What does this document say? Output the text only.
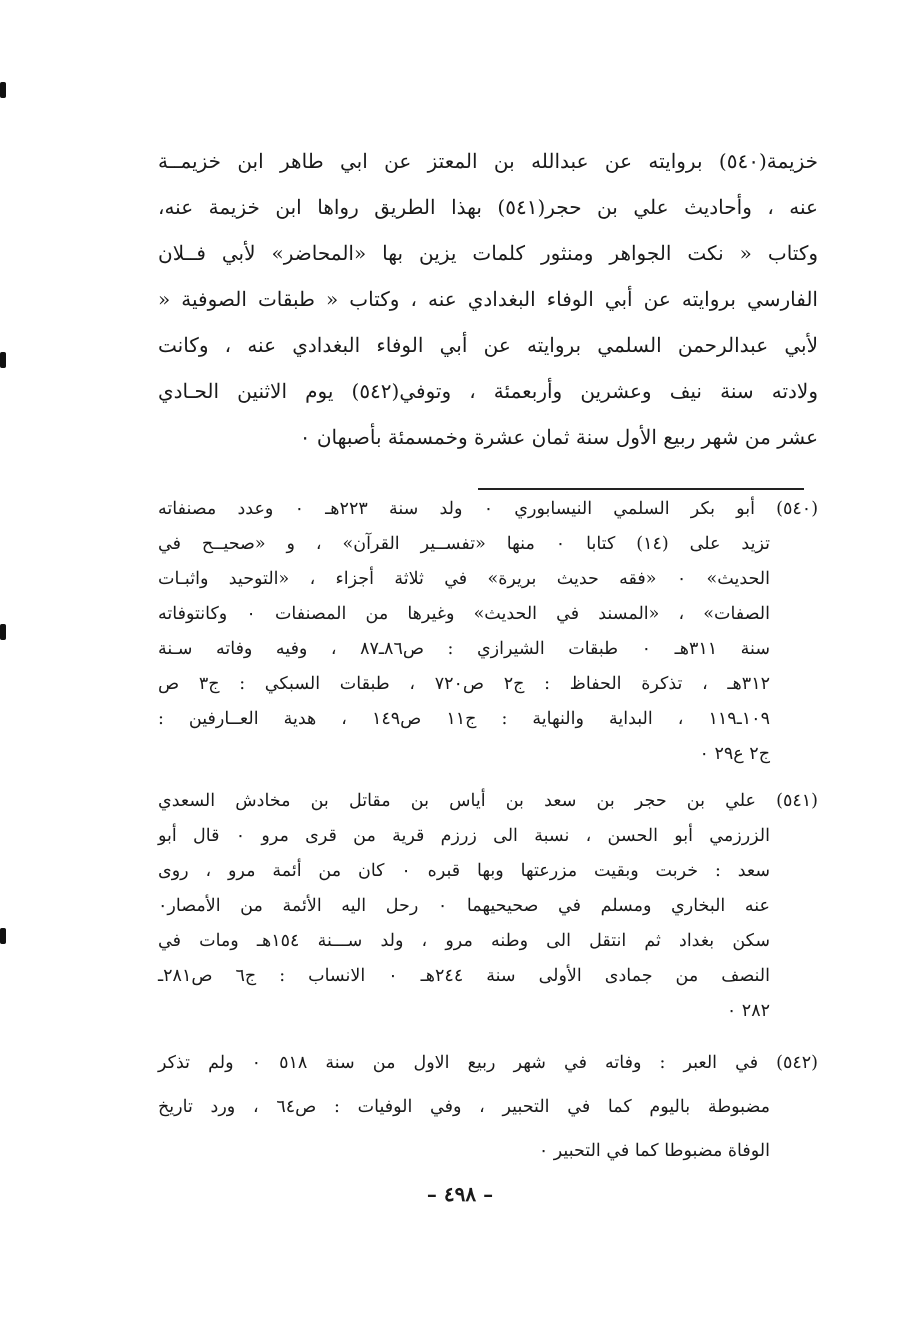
خزيمة(٥٤٠) بروايته عن عبدالله بن المعتز عن ابي طاهر ابن خزيمــة
عنه ، وأحاديث علي بن حجر(٥٤١) بهذا الطريق رواها ابن خزيمة عنه،
وكتاب « نكت الجواهر ومنثور كلمات يزين بها «المحاضر» لأبي فــلان
الفارسي بروايته عن أبي الوفاء البغدادي عنه ، وكتاب « طبقات الصوفية «
لأبي عبدالرحمن السلمي بروايته عن أبي الوفاء البغدادي عنه ، وكانت
ولادته سنة نيف وعشرين وأربعمئة ، وتوفي(٥٤٢) يوم الاثنين الحـادي
عشر من شهر ربيع الأول سنة ثمان عشرة وخمسمئة بأصبهان ٠
(٥٤٠) أبو بكر السلمي النيسابوري ٠ ولد سنة ٢٢٣هـ ٠ وعدد مصنفاته
تزيد على (١٤) كتابا ٠ منها «تفســير القرآن» ، و «صحيــح في
الحديث» ٠ «فقه حديث بريرة» في ثلاثة أجزاء ، «التوحيد واثبـات
الصفات» ، «المسند في الحديث» وغيرها من المصنفات ٠ وكانتوفاته
سنة ٣١١هـ ٠ طبقات الشيرازي : ص٨٦ـ٨٧ ، وفيه وفاته سـنة
٣١٢هـ ، تذكرة الحفاظ : ج٢ ص٧٢٠ ، طبقات السبكي : ج٣ ص
١٠٩ـ١١٩ ، البداية والنهاية : ج١١ ص١٤٩ ، هدية العــارفين :
ج٢ ع٢٩ ٠
(٥٤١) علي بن حجر بن سعد بن أياس بن مقاتل بن مخادش السعدي
الزرزمي أبو الحسن ، نسبة الى زرزم قرية من قرى مرو ٠ قال أبو
سعد : خربت وبقيت مزرعتها وبها قبره ٠ كان من أئمة مرو ، روى
عنه البخاري ومسلم في صحيحيهما ٠ رحل اليه الأئمة من الأمصار٠
سكن بغداد ثم انتقل الى وطنه مرو ، ولد ســـنة ١٥٤هـ ومات في
النصف من جمادى الأولى سنة ٢٤٤هـ ٠ الانساب : ج٦ ص٢٨١ـ
٢٨٢ ٠
(٥٤٢) في العبر : وفاته في شهر ربيع الاول من سنة ٥١٨ ٠ ولم تذكر
مضبوطة باليوم كما في التحبير ، وفي الوفيات : ص٦٤ ، ورد تاريخ
الوفاة مضبوطا كما في التحبير ٠
– ٤٩٨ –
